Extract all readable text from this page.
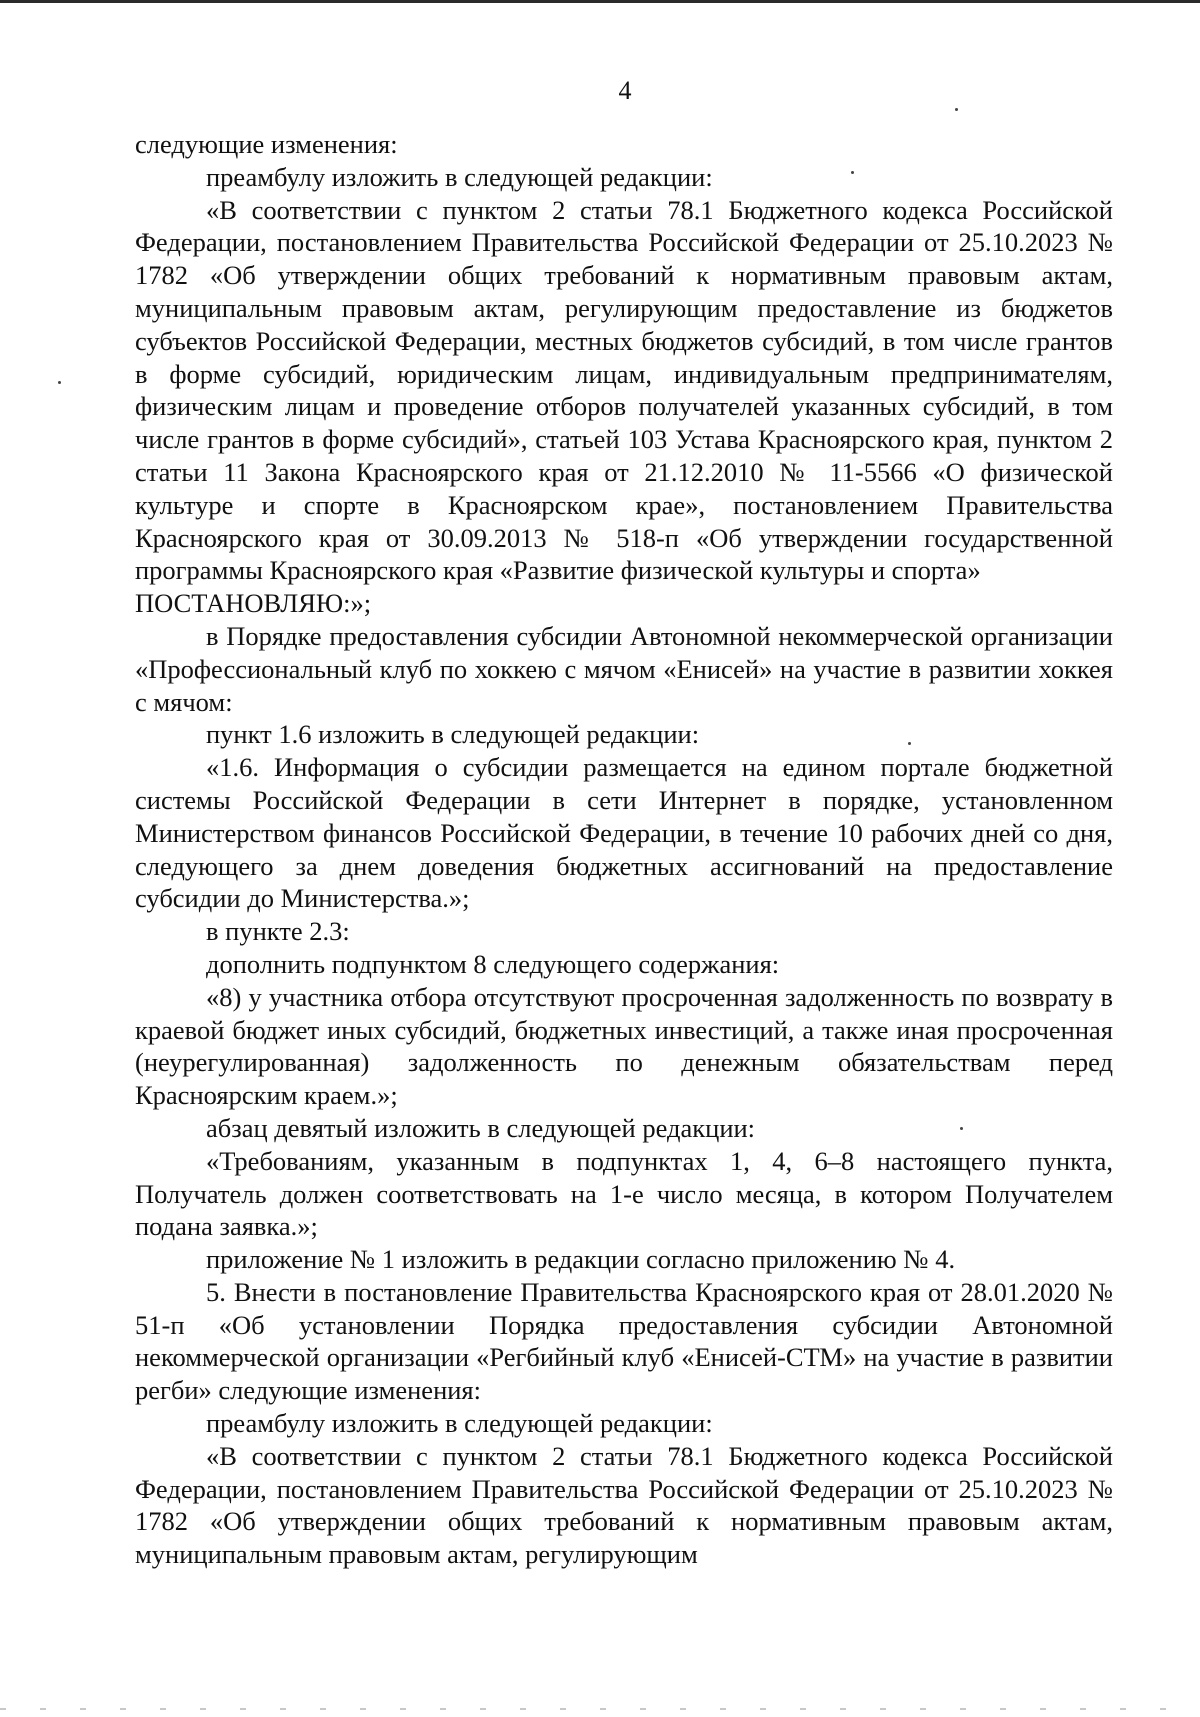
4

следующие изменения:

преамбулу изложить в следующей редакции:

«В соответствии с пунктом 2 статьи 78.1 Бюджетного кодекса Российской Федерации, постановлением Правительства Российской Федерации от 25.10.2023 № 1782 «Об утверждении общих требований к нормативным правовым актам, муниципальным правовым актам, регулирующим предоставление из бюджетов субъектов Российской Федерации, местных бюджетов субсидий, в том числе грантов в форме субсидий, юридическим лицам, индивидуальным предпринимателям, физическим лицам и проведение отборов получателей указанных субсидий, в том числе грантов в форме субсидий», статьей 103 Устава Красноярского края, пунктом 2 статьи 11 Закона Красноярского края от 21.12.2010 № 11-5566 «О физической культуре и спорте в Красноярском крае», постановлением Правительства Красноярского края от 30.09.2013 № 518-п «Об утверждении государственной программы Красноярского края «Развитие физической культуры и спорта»

ПОСТАНОВЛЯЮ:»;

в Порядке предоставления субсидии Автономной некоммерческой организации «Профессиональный клуб по хоккею с мячом «Енисей» на участие в развитии хоккея с мячом:

пункт 1.6 изложить в следующей редакции:

«1.6. Информация о субсидии размещается на едином портале бюджетной системы Российской Федерации в сети Интернет в порядке, установленном Министерством финансов Российской Федерации, в течение 10 рабочих дней со дня, следующего за днем доведения бюджетных ассигнований на предоставление субсидии до Министерства.»;

в пункте 2.3:

дополнить подпунктом 8 следующего содержания:

«8) у участника отбора отсутствуют просроченная задолженность по возврату в краевой бюджет иных субсидий, бюджетных инвестиций, а также иная просроченная (неурегулированная) задолженность по денежным обязательствам перед Красноярским краем.»;

абзац девятый изложить в следующей редакции:

«Требованиям, указанным в подпунктах 1, 4, 6–8 настоящего пункта, Получатель должен соответствовать на 1-е число месяца, в котором Получателем подана заявка.»;

приложение № 1 изложить в редакции согласно приложению № 4.

5. Внести в постановление Правительства Красноярского края от 28.01.2020 № 51-п «Об установлении Порядка предоставления субсидии Автономной некоммерческой организации «Регбийный клуб «Енисей-СТМ» на участие в развитии регби» следующие изменения:

преамбулу изложить в следующей редакции:

«В соответствии с пунктом 2 статьи 78.1 Бюджетного кодекса Российской Федерации, постановлением Правительства Российской Федерации от 25.10.2023 № 1782 «Об утверждении общих требований к нормативным правовым актам, муниципальным правовым актам, регулирующим
